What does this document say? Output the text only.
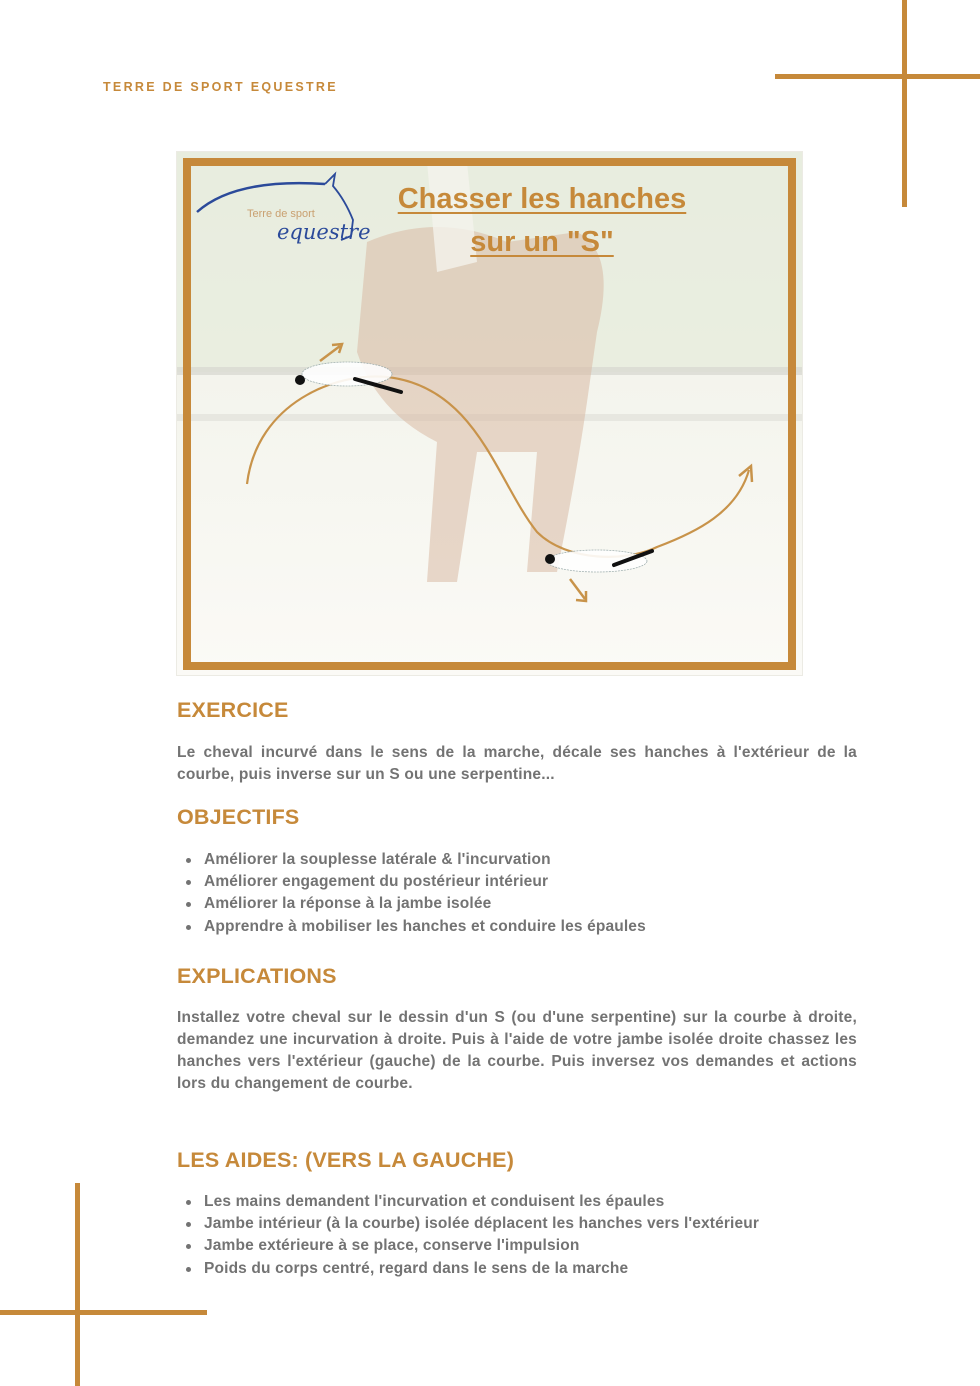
TERRE DE SPORT EQUESTRE
Terre de sport
equestre
Chasser les hanches
sur un "S"
EXERCICE
Le cheval incurvé dans le sens de la marche, décale ses hanches à l'extérieur de la courbe, puis inverse sur un S ou une serpentine...
OBJECTIFS
Améliorer la souplesse latérale & l'incurvation
Améliorer engagement du postérieur intérieur
Améliorer la réponse à la jambe isolée
Apprendre à mobiliser les hanches et conduire les épaules
EXPLICATIONS
Installez votre cheval sur le dessin d'un S (ou d'une serpentine) sur la courbe à droite, demandez une incurvation à droite. Puis à l'aide de votre jambe isolée droite chassez les hanches vers l'extérieur (gauche) de la courbe. Puis inversez vos demandes et actions lors du changement de courbe.
LES AIDES: (VERS LA GAUCHE)
Les mains demandent l'incurvation et conduisent les épaules
Jambe intérieur (à la courbe) isolée déplacent les hanches vers l'extérieur
Jambe extérieure à se place, conserve l'impulsion
Poids du corps centré, regard dans le sens de la marche
